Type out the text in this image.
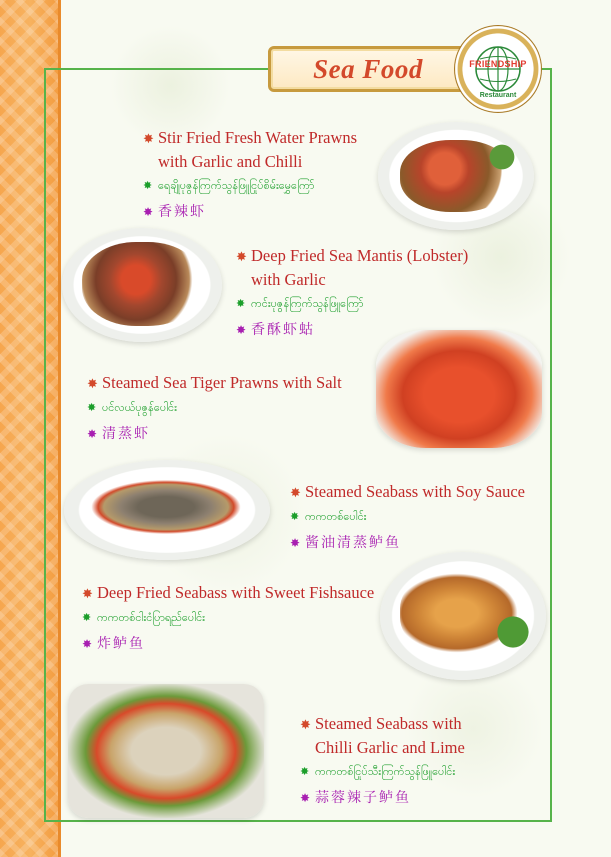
Sea Food	FRIENDSHIP
Restaurant
✸ Stir Fried Fresh Water Prawns
with Garlic and Chilli
✸ ရေချိုပုဇွန်ကြက်သွန်ဖြူငြုပ်စိမ်းမွှေကြော်
✸ 香辣虾
✸ Deep Fried Sea Mantis (Lobster)
with Garlic
✸ ကင်းပုဇွန်ကြက်သွန်ဖြူကြော်
✸ 香酥虾蛄
✸ Steamed Sea Tiger Prawns with Salt
✸ ပင်လယ်ပုဇွန်ပေါင်း
✸ 清蒸虾
✸ Steamed Seabass with Soy Sauce
✸ ကကတစ်ပေါင်း
✸ 酱油清蒸鲈鱼
✸ Deep Fried Seabass with Sweet Fishsauce
✸ ကကတစ်ငါးငံပြာရည်ပေါင်း
✸ 炸鲈鱼
✸ Steamed Seabass with
Chilli Garlic and Lime
✸ ကကတစ်ငြုပ်သီးကြက်သွန်ဖြူပေါင်း
✸ 蒜蓉辣子鲈鱼
